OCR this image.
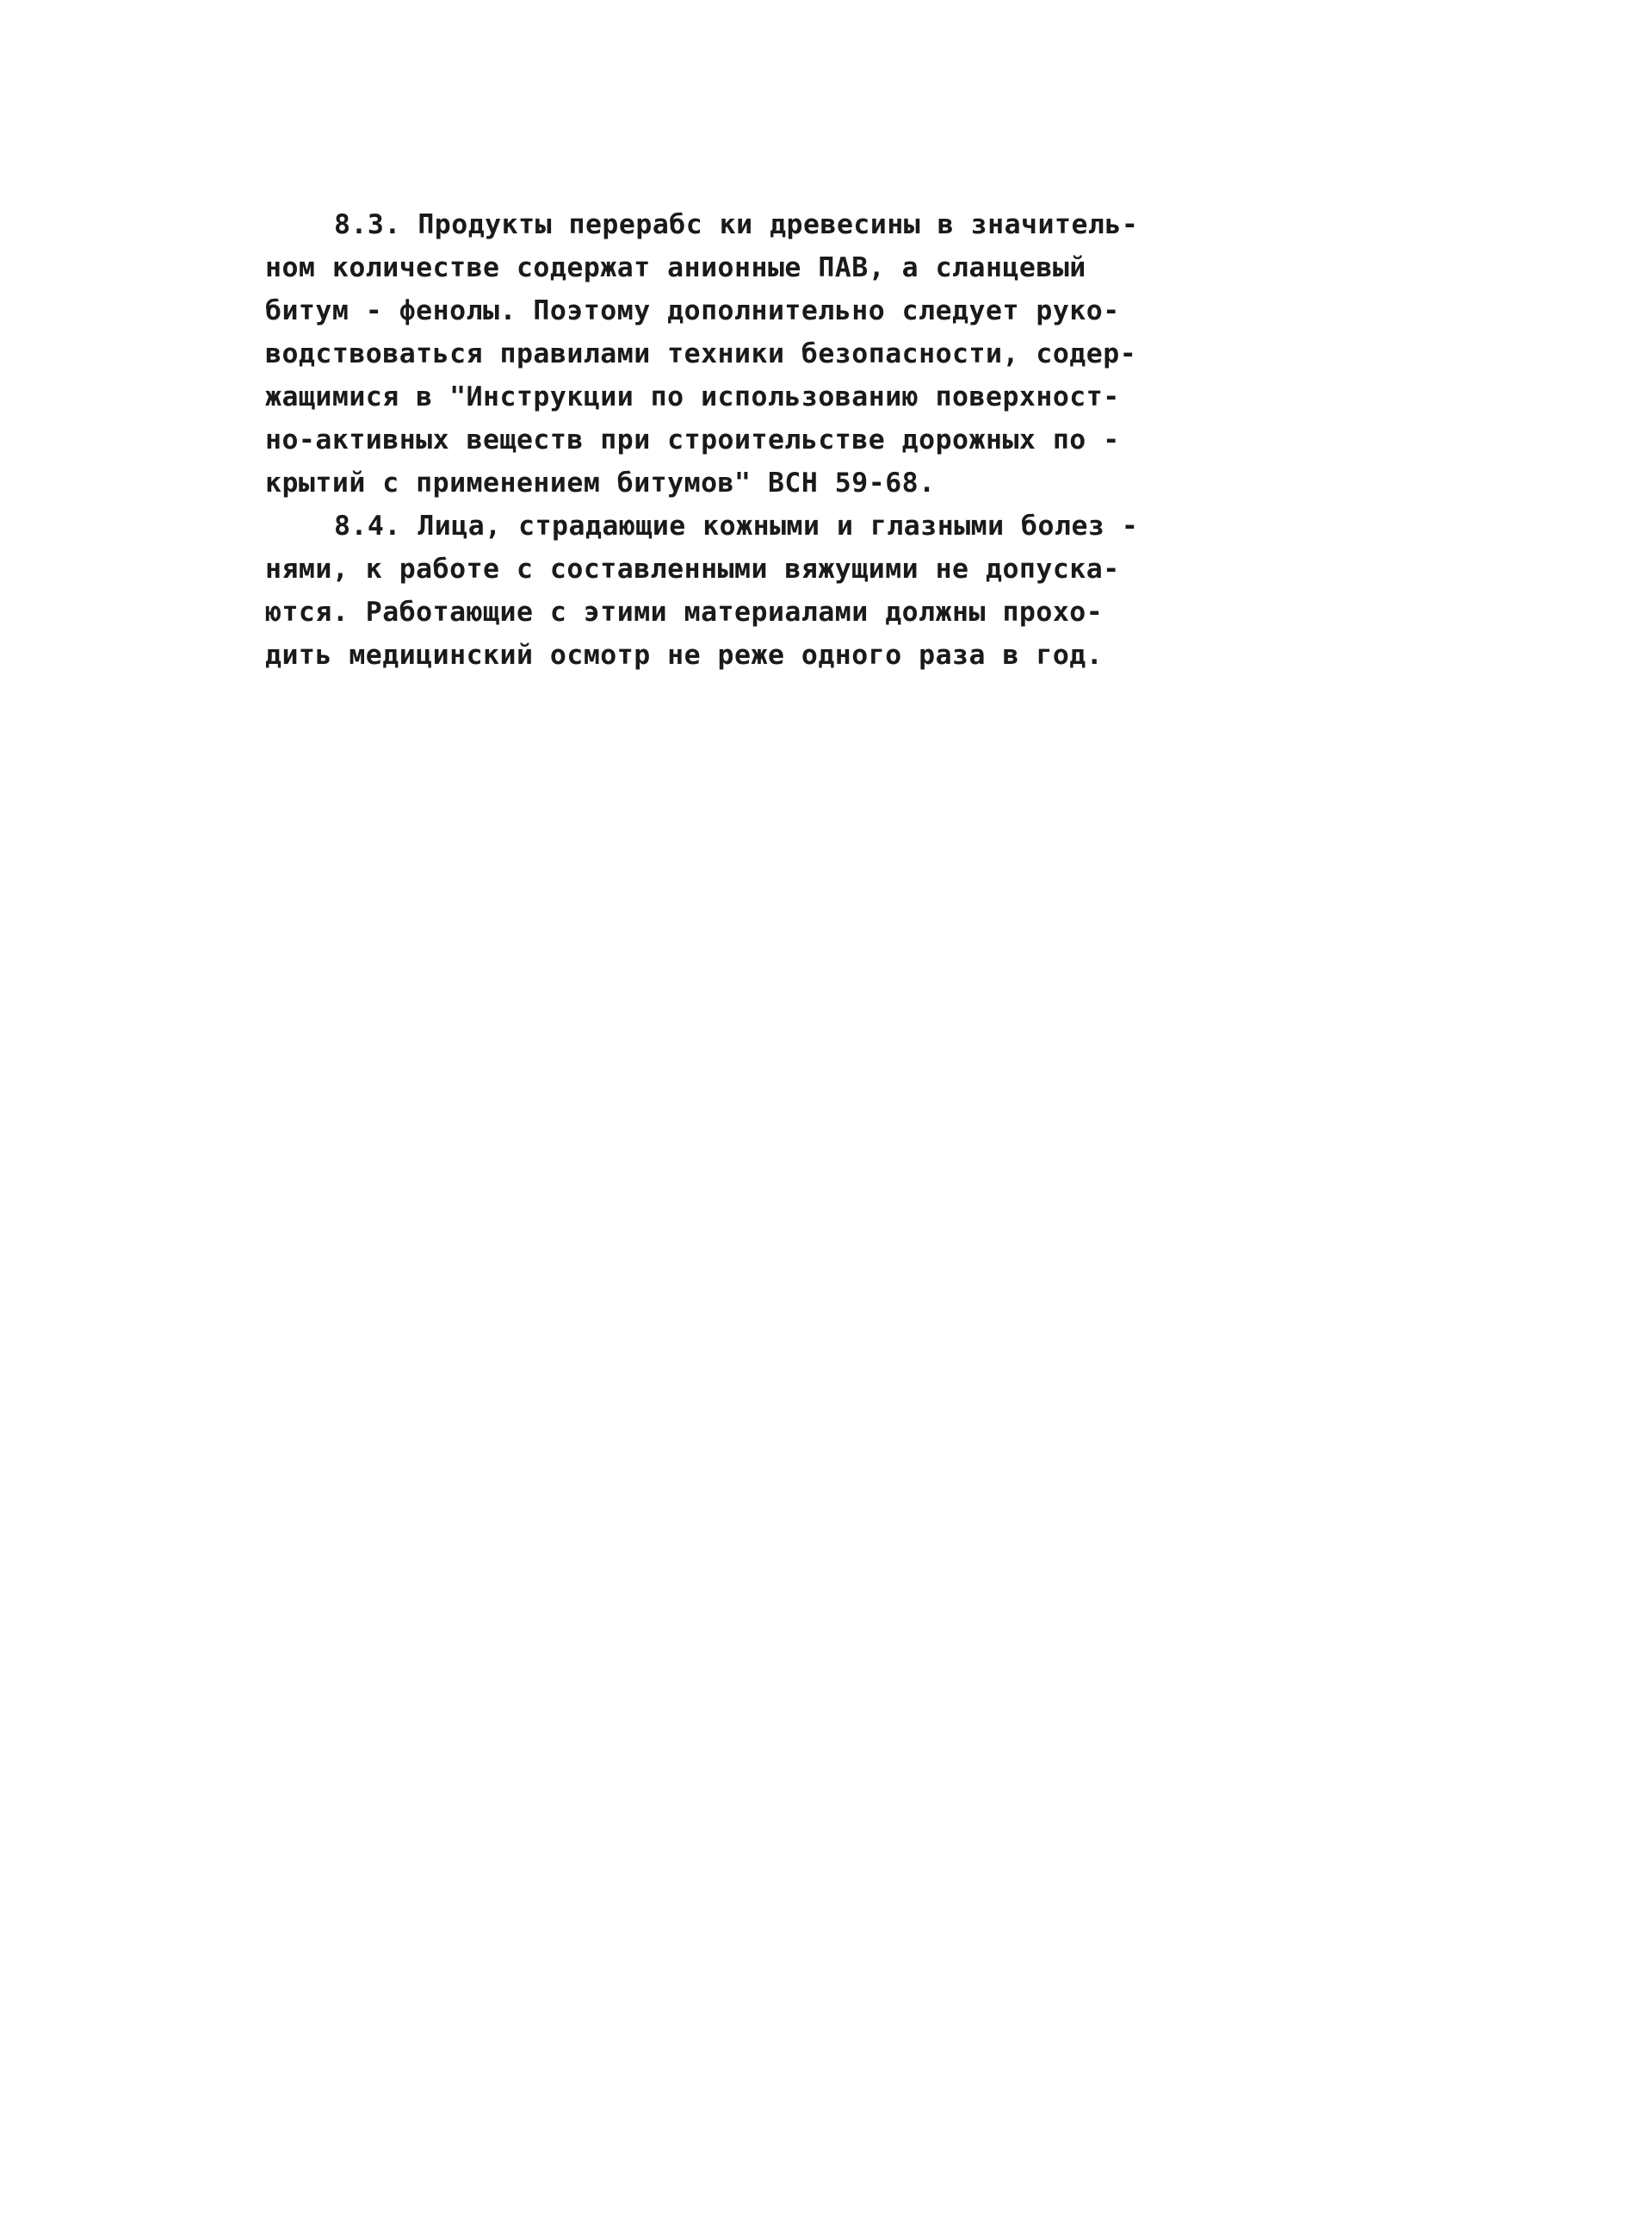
8.3. Продукты перерабс ки древесины в значитель-
ном количестве содержат анионные ПАВ, а сланцевый
битум - фенолы. Поэтому дополнительно следует руко-
водствоваться правилами техники безопасности, содер-
жащимися в "Инструкции по использованию поверхност-
но-активных веществ при строительстве дорожных по -
крытий с применением битумов" ВСН 59-68.
8.4. Лица, страдающие кожными и глазными болез -
нями, к работе с составленными вяжущими не допуска-
ются. Работающие с этими материалами должны прохо-
дить медицинский осмотр не реже одного раза в год.
